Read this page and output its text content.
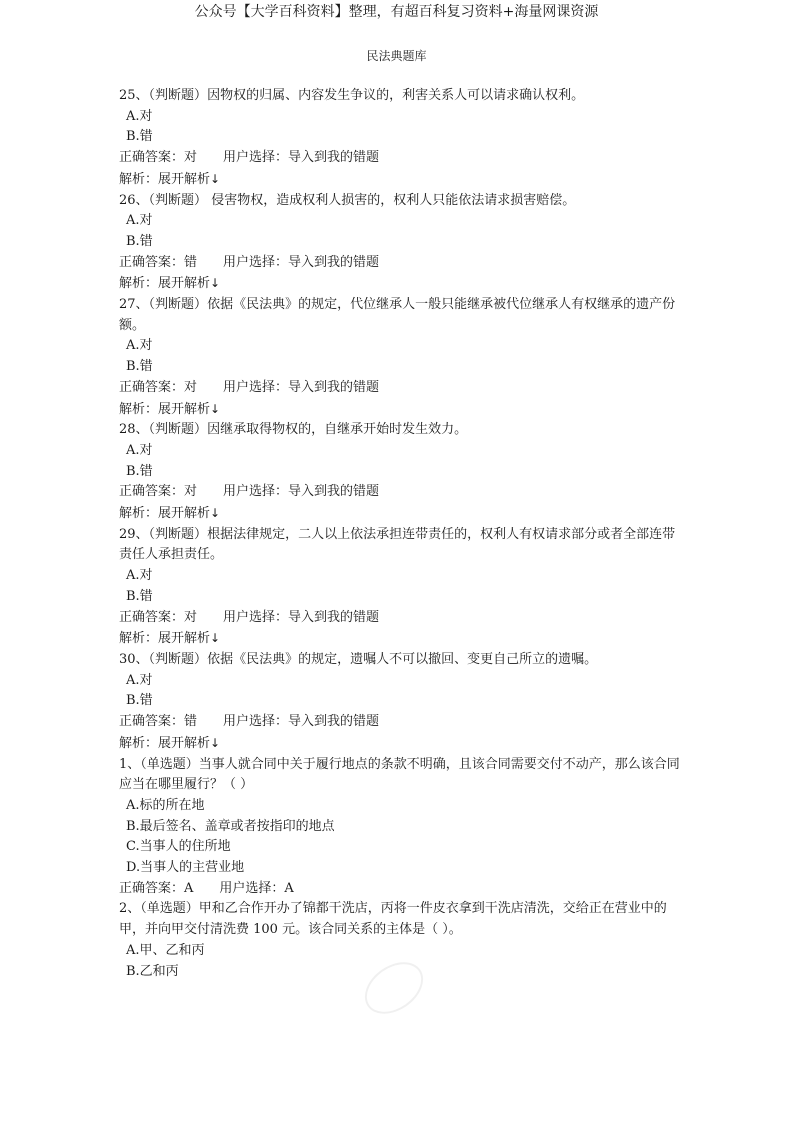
公众号【大学百科资料】整理，有超百科复习资料+海量网课资源
民法典题库
25、（判断题）因物权的归属、内容发生争议的，利害关系人可以请求确认权利。
A.对
B.错
正确答案：对 用户选择：导入到我的错题
解析：展开解析↓
26、（判断题） 侵害物权，造成权利人损害的，权利人只能依法请求损害赔偿。
A.对
B.错
正确答案：错 用户选择：导入到我的错题
解析：展开解析↓
27、（判断题）依据《民法典》的规定，代位继承人一般只能继承被代位继承人有权继承的遗产份额。
A.对
B.错
正确答案：对 用户选择：导入到我的错题
解析：展开解析↓
28、（判断题）因继承取得物权的，自继承开始时发生效力。
A.对
B.错
正确答案：对 用户选择：导入到我的错题
解析：展开解析↓
29、（判断题）根据法律规定，二人以上依法承担连带责任的，权利人有权请求部分或者全部连带责任人承担责任。
A.对
B.错
正确答案：对 用户选择：导入到我的错题
解析：展开解析↓
30、（判断题）依据《民法典》的规定，遗嘱人不可以撤回、变更自己所立的遗嘱。
A.对
B.错
正确答案：错 用户选择：导入到我的错题
解析：展开解析↓
1、（单选题）当事人就合同中关于履行地点的条款不明确，且该合同需要交付不动产，那么该合同应当在哪里履行？（ ）
A.标的所在地
B.最后签名、盖章或者按指印的地点
C.当事人的住所地
D.当事人的主营业地
正确答案：A 用户选择：A
2、（单选题）甲和乙合作开办了锦都干洗店，丙将一件皮衣拿到干洗店清洗，交给正在营业中的甲，并向甲交付清洗费 100 元。该合同关系的主体是（ ）。
A.甲、乙和丙
B.乙和丙
